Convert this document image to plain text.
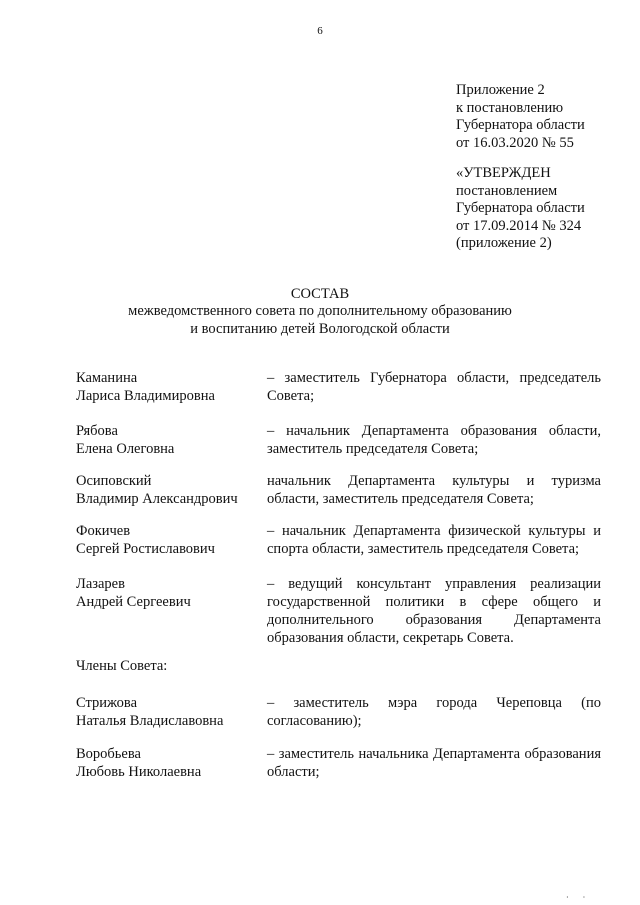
6
Приложение 2
к постановлению
Губернатора области
от 16.03.2020 № 55
«УТВЕРЖДЕН
постановлением
Губернатора области
от 17.09.2014 № 324
(приложение 2)
СОСТАВ
межведомственного совета по дополнительному образованию
и воспитанию детей Вологодской области
Каманина
Лариса Владимировна
– заместитель Губернатора области, председатель Совета;
Рябова
Елена Олеговна
– начальник Департамента образования области, заместитель председателя Совета;
Осиповский
Владимир Александрович
начальник Департамента культуры и туризма области, заместитель председателя Совета;
Фокичев
Сергей Ростиславович
– начальник Департамента физической культуры и спорта области, заместитель председателя Совета;
Лазарев
Андрей Сергеевич
– ведущий консультант управления реализации государственной политики в сфере общего и дополнительного образования Департамента образования области, секретарь Совета.
Члены Совета:
Стрижова
Наталья Владиславовна
– заместитель мэра города Череповца (по согласованию);
Воробьева
Любовь Николаевна
– заместитель начальника Департамента образования области;
· ·
